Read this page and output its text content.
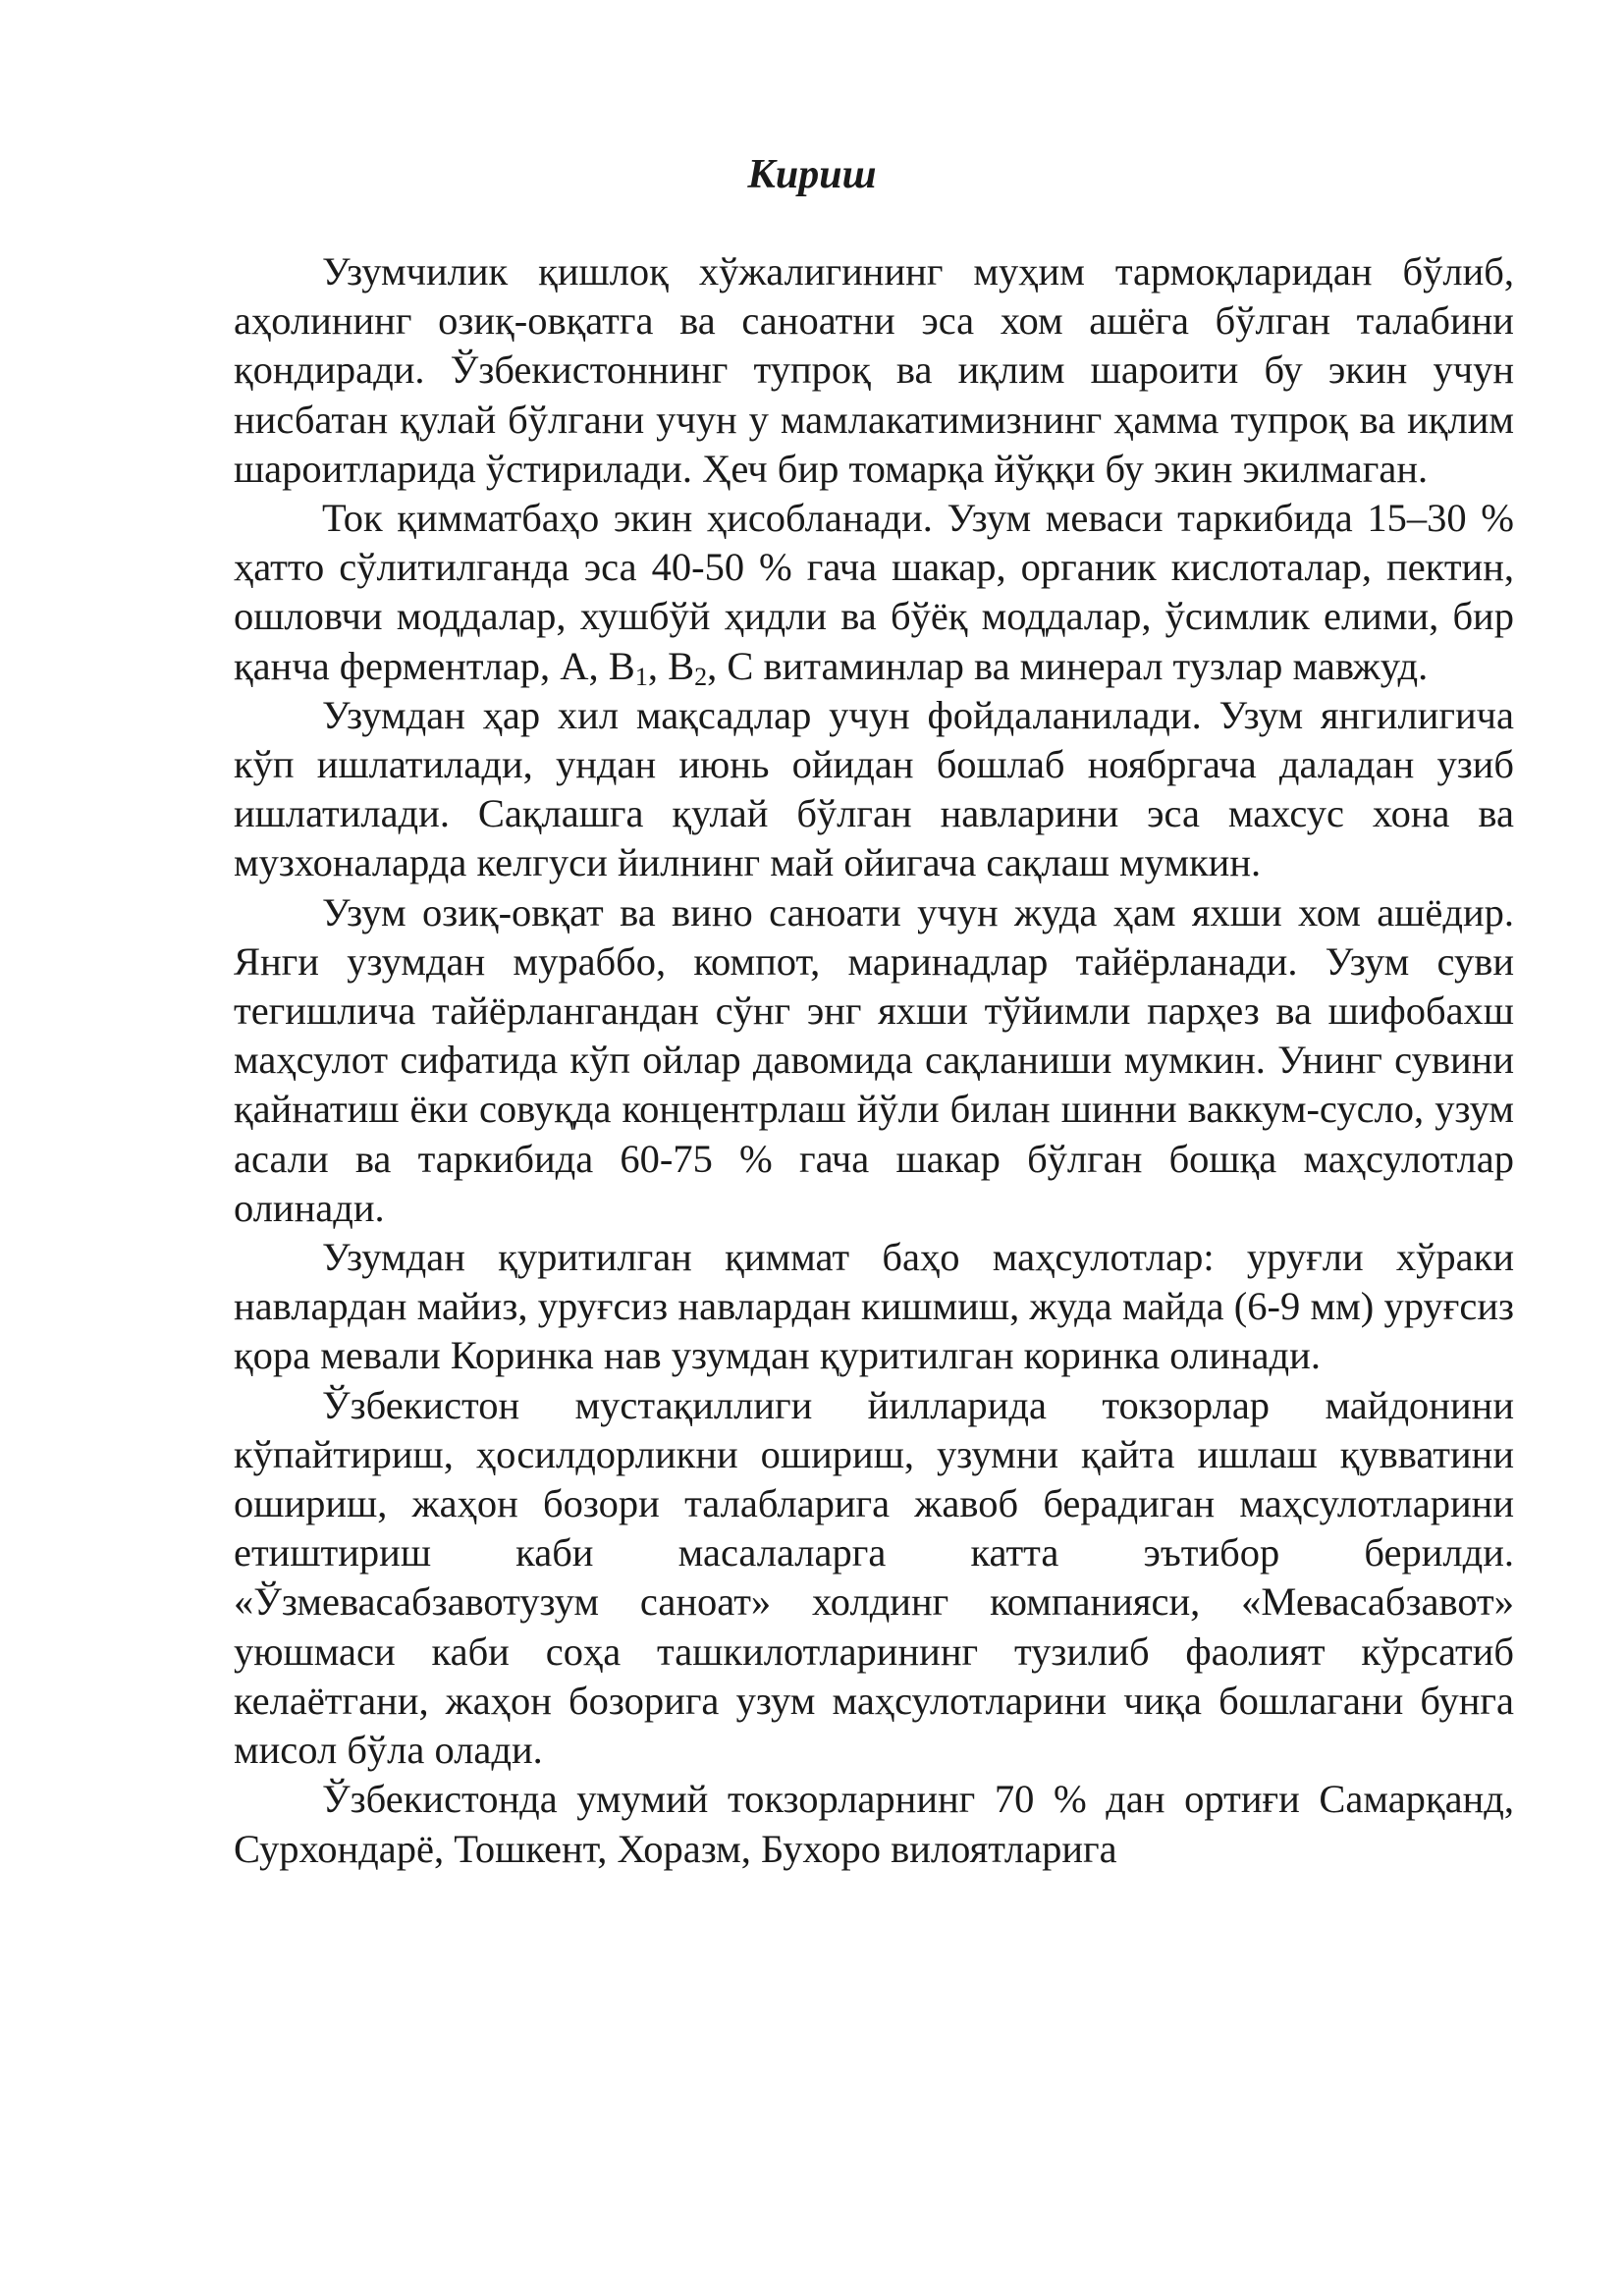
Кириш

Узумчилик қишлоқ хўжалигининг муҳим тармоқларидан бўлиб, аҳолининг озиқ-овқатга ва саноатни эса хом ашёга бўлган талабини қондиради. Ўзбекистоннинг тупроқ ва иқлим шароити бу экин учун нисбатан қулай бўлгани учун у мамлакатимизнинг ҳамма тупроқ ва иқлим шароитларида ўстирилади. Ҳеч бир томарқа йўққи бу экин экилмаган.

Ток қимматбаҳо экин ҳисобланади. Узум меваси таркибида 15–30 % ҳатто сўлитилганда эса 40-50 % гача шакар, органик кислоталар, пектин, ошловчи моддалар, хушбўй ҳидли ва бўёқ моддалар, ўсимлик елими, бир қанча ферментлар, А, $В_1$, $В_2$, С витаминлар ва минерал тузлар мавжуд.

Узумдан ҳар хил мақсадлар учун фойдаланилади. Узум янгилигича кўп ишлатилади, ундан июнь ойидан бошлаб ноябргача даладан узиб ишлатилади. Сақлашга қулай бўлган навларини эса махсус хона ва музхоналарда келгуси йилнинг май ойигача сақлаш мумкин.

Узум озиқ-овқат ва вино саноати учун жуда ҳам яхши хом ашёдир. Янги узумдан мураббо, компот, маринадлар тайёрланади. Узум суви тегишлича тайёрлангандан сўнг энг яхши тўйимли парҳез ва шифобахш маҳсулот сифатида кўп ойлар давомида сақланиши мумкин. Унинг сувини қайнатиш ёки совуқда концентрлаш йўли билан шинни ваккум-сусло, узум асали ва таркибида 60-75 % гача шакар бўлган бошқа маҳсулотлар олинади.

Узумдан қуритилган қиммат баҳо маҳсулотлар: уруғли хўраки навлардан майиз, уруғсиз навлардан кишмиш, жуда майда (6-9 мм) уруғсиз қора мевали Коринка нав узумдан қуритилган коринка олинади.

Ўзбекистон мустақиллиги йилларида токзорлар майдонини кўпайтириш, ҳосилдорликни ошириш, узумни қайта ишлаш қувватини ошириш, жаҳон бозори талабларига жавоб берадиган маҳсулотларини етиштириш каби масалаларга катта эътибор берилди. «Ўзмевасабзавотузум саноат» холдинг компанияси, «Мевасабзавот» уюшмаси каби соҳа ташкилотларининг тузилиб фаолият кўрсатиб келаётгани, жаҳон бозорига узум маҳсулотларини чиқа бошлагани бунга мисол бўла олади.

Ўзбекистонда умумий токзорларнинг 70 % дан ортиғи Самарқанд, Сурхондарё, Тошкент, Хоразм, Бухоро вилоятларига
